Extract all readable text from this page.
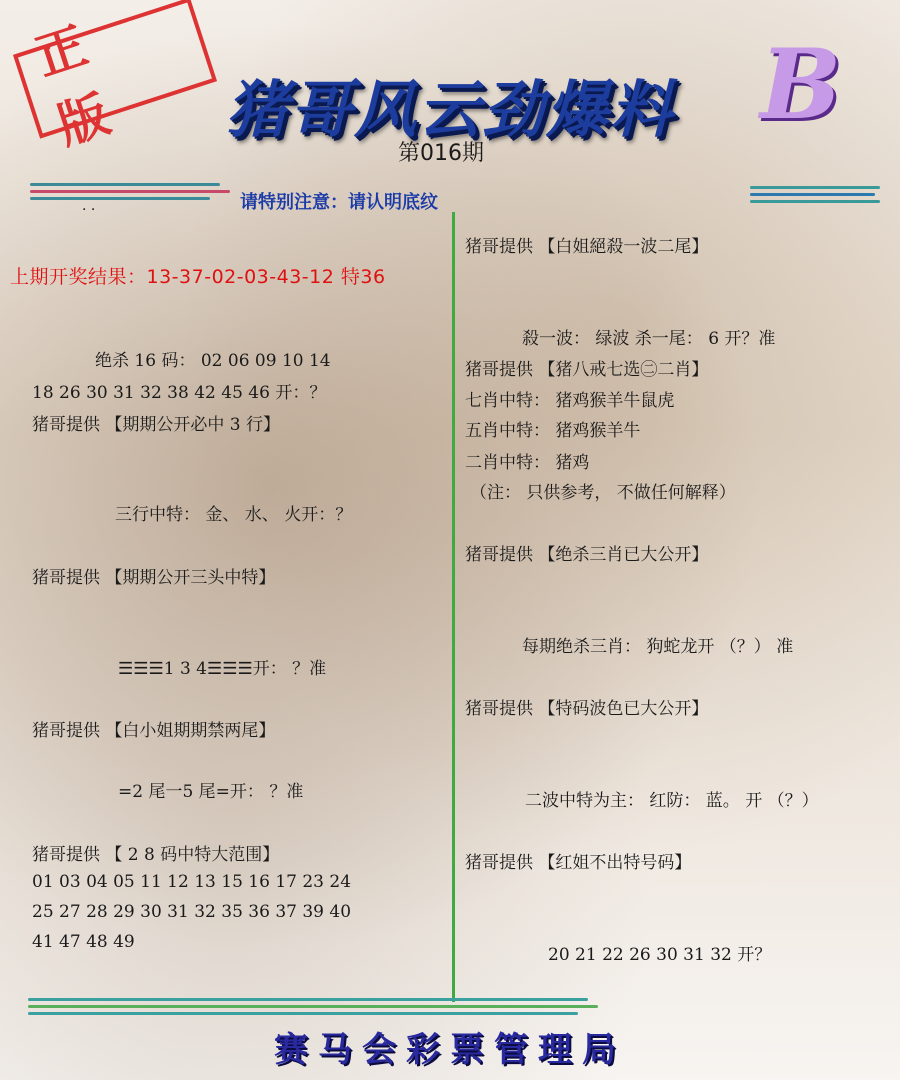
正 版	猪哥风云劲爆料 B
第016期
请特别注意：请认明底纹
· ·
上期开奖结果：13-37-02-03-43-12 特36
绝杀 16 码： 02 06 09 10 14
18 26 30 31 32 38 42 45 46 开：？
猪哥提供 【期期公开必中 3 行】
三行中特： 金、 水、 火开：？
猪哥提供 【期期公开三头中特】
☰☰☰1 3 4☰☰☰开： ？准
猪哥提供 【白小姐期期禁两尾】
=2 尾一5 尾=开： ？准
猪哥提供 【 2 8 码中特大范围】
01 03 04 05 11 12 13 15 16 17 23 24
25 27 28 29 30 31 32 35 36 37 39 40
41 47 48 49
猪哥提供 【白姐絕殺一波二尾】
殺一波： 绿波 杀一尾： 6 开？准
猪哥提供 【猪八戒七选㊁二肖】
七肖中特： 猪鸡猴羊牛鼠虎
五肖中特： 猪鸡猴羊牛
二肖中特： 猪鸡
（注： 只供参考， 不做任何解释）
猪哥提供 【绝杀三肖已大公开】
每期绝杀三肖： 狗蛇龙开 （？） 准
猪哥提供 【特码波色已大公开】
二波中特为主： 红防： 蓝。 开 （？）
猪哥提供 【红姐不出特号码】
20 21 22 26 30 31 32 开？
赛马会彩票管理局
